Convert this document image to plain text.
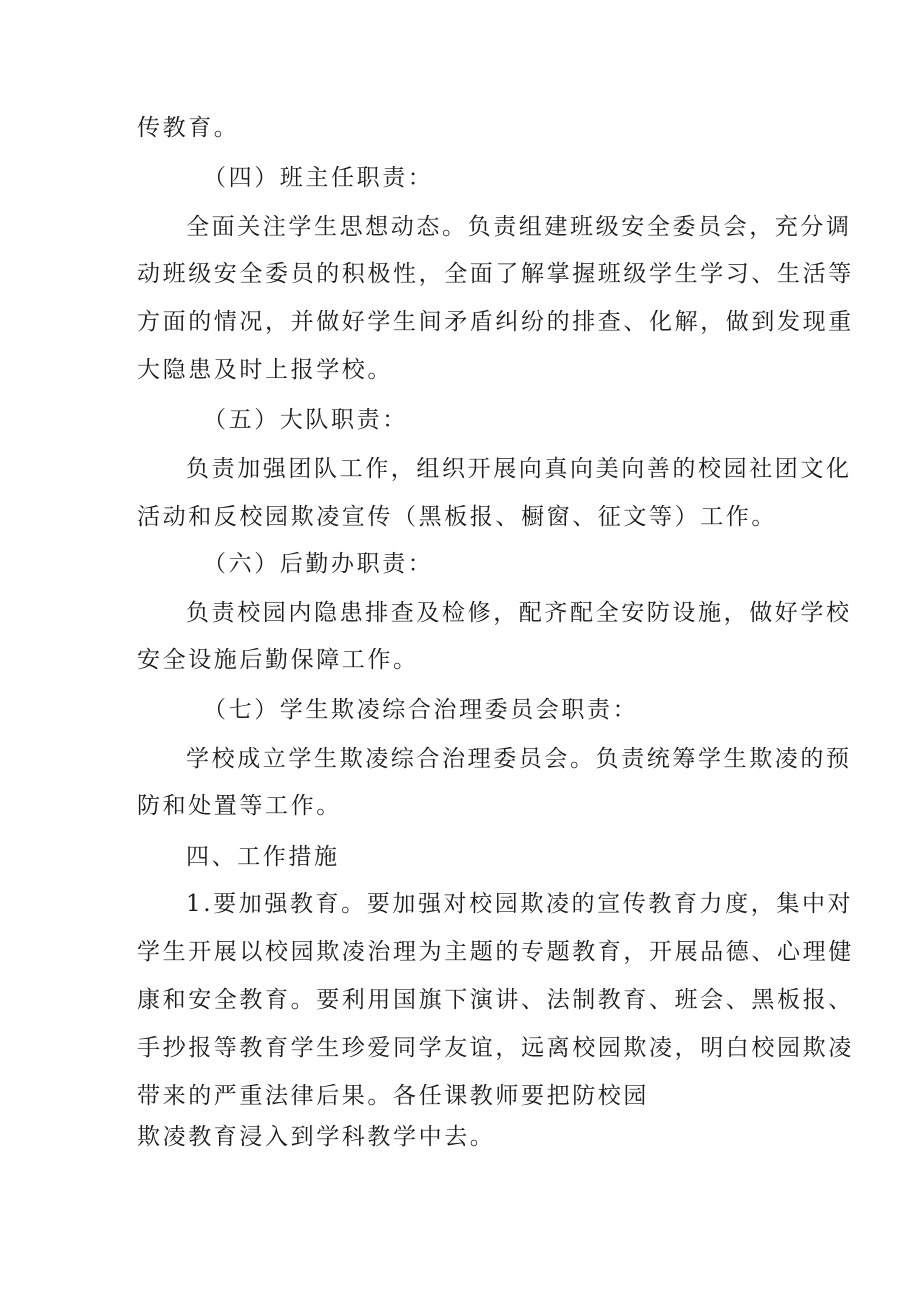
传教育。
（四）班主任职责：
全面关注学生思想动态。负责组建班级安全委员会，充分调
动班级安全委员的积极性，全面了解掌握班级学生学习、生活等
方面的情况，并做好学生间矛盾纠纷的排查、化解，做到发现重
大隐患及时上报学校。
（五）大队职责：
负责加强团队工作，组织开展向真向美向善的校园社团文化
活动和反校园欺凌宣传（黑板报、橱窗、征文等）工作。
（六）后勤办职责：
负责校园内隐患排查及检修，配齐配全安防设施，做好学校
安全设施后勤保障工作。
（七）学生欺凌综合治理委员会职责：
学校成立学生欺凌综合治理委员会。负责统筹学生欺凌的预
防和处置等工作。
四、工作措施
1.要加强教育。要加强对校园欺凌的宣传教育力度，集中对
学生开展以校园欺凌治理为主题的专题教育，开展品德、心理健
康和安全教育。要利用国旗下演讲、法制教育、班会、黑板报、
手抄报等教育学生珍爱同学友谊，远离校园欺凌，明白校园欺凌
带来的严重法律后果。各任课教师要把防校园
欺凌教育浸入到学科教学中去。
